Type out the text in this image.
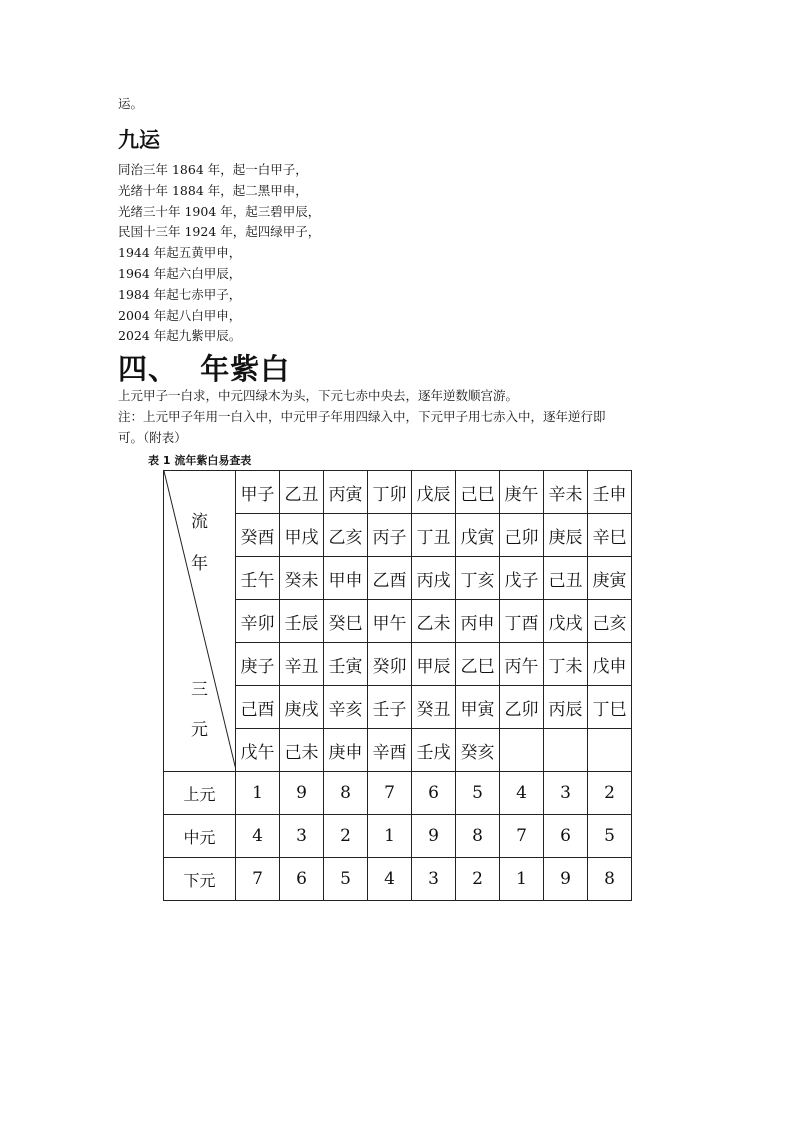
运。
九运
同治三年 1864 年，起一白甲子，
光绪十年 1884 年，起二黑甲申，
光绪三十年 1904 年，起三碧甲辰，
民国十三年 1924 年，起四绿甲子，
1944 年起五黄甲申，
1964 年起六白甲辰，
1984 年起七赤甲子，
2004 年起八白甲申，
2024 年起九紫甲辰。
四、  年紫白
上元甲子一白求，中元四绿木为头，下元七赤中央去，逐年逆数顺宫游。
注：上元甲子年用一白入中，中元甲子年用四绿入中，下元甲子用七赤入中，逐年逆行即
可。（附表）
表 1 流年紫白易查表
流
年
三
元	甲子	乙丑	丙寅	丁卯	戊辰	己巳	庚午	辛未	壬申
	癸酉	甲戌	乙亥	丙子	丁丑	戊寅	己卯	庚辰	辛巳
	壬午	癸未	甲申	乙酉	丙戌	丁亥	戊子	己丑	庚寅
	辛卯	壬辰	癸巳	甲午	乙未	丙申	丁酉	戊戌	己亥
	庚子	辛丑	壬寅	癸卯	甲辰	乙巳	丙午	丁未	戊申
	己酉	庚戌	辛亥	壬子	癸丑	甲寅	乙卯	丙辰	丁巳
	戊午	己未	庚申	辛酉	壬戌	癸亥			
上元	1	9	8	7	6	5	4	3	2
中元	4	3	2	1	9	8	7	6	5
下元	7	6	5	4	3	2	1	9	8
